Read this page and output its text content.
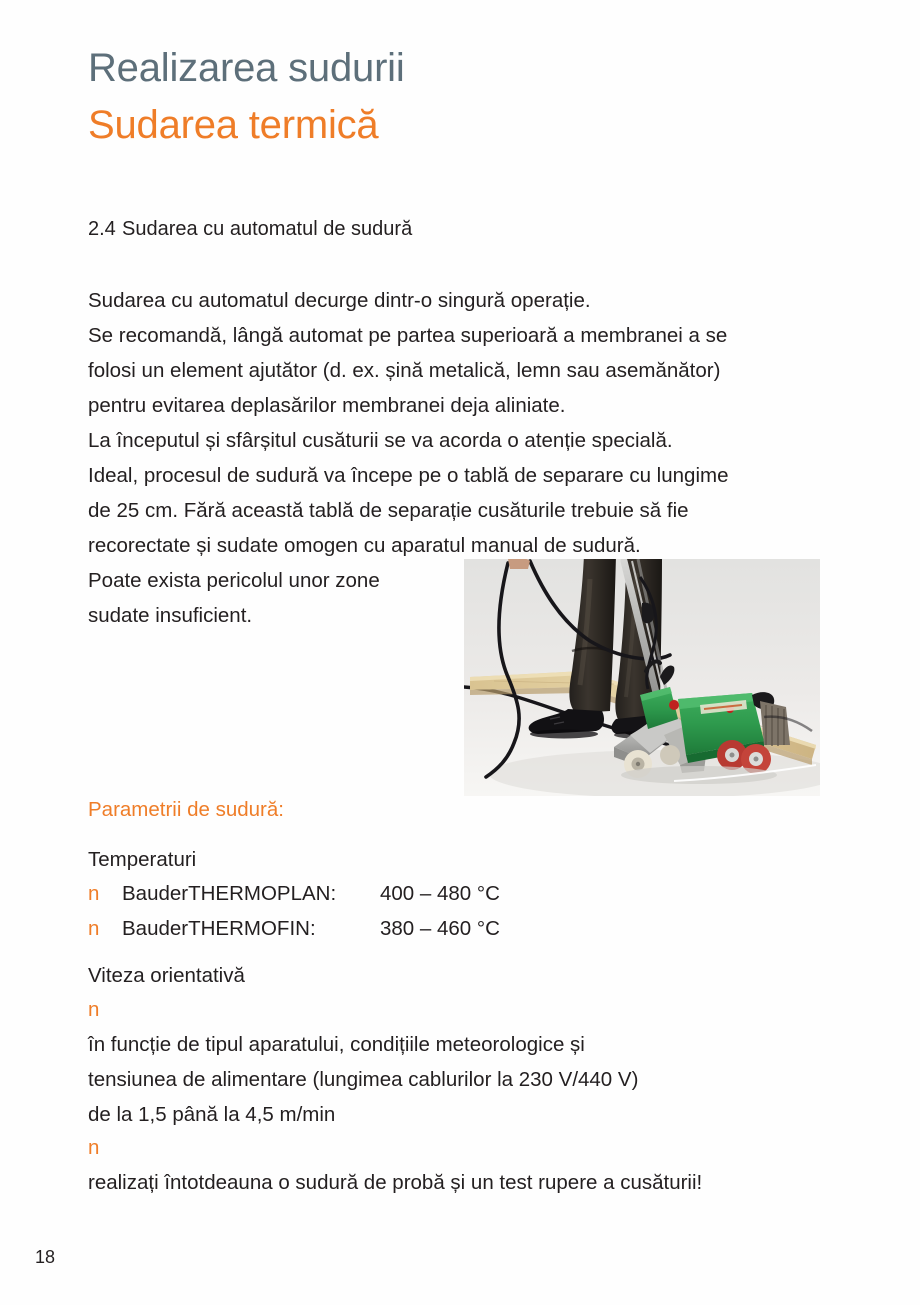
Realizarea sudurii
Sudarea termică
2.4 Sudarea cu automatul de sudură
Sudarea cu automatul decurge dintr-o singură operație.
Se recomandă, lângă automat pe partea superioară a membranei a se
folosi un element ajutător (d. ex. șină metalică, lemn sau asemănător)
pentru evitarea deplasărilor membranei deja aliniate.
La începutul și sfârșitul cusăturii se va acorda o atenție specială.
Ideal, procesul de sudură va începe pe o tablă de separare cu lungime
de 25 cm. Fără această tablă de separație cusăturile trebuie să fie
recorectate și sudate omogen cu aparatul manual de sudură.
Poate exista pericolul unor zone
sudate insuficient.
Parametrii de sudură:
Temperaturi
n	BauderTHERMOPLAN: 400 – 480 °C
n	BauderTHERMOFIN:	380 – 460 °C
Viteza orientativă
n
în funcție de tipul aparatului, condițiile meteorologice și
tensiunea de alimentare (lungimea cablurilor la 230 V/440 V)
de la 1,5 până la 4,5 m/min
n
realizați întotdeauna o sudură de probă și un test rupere a cusăturii!
18
